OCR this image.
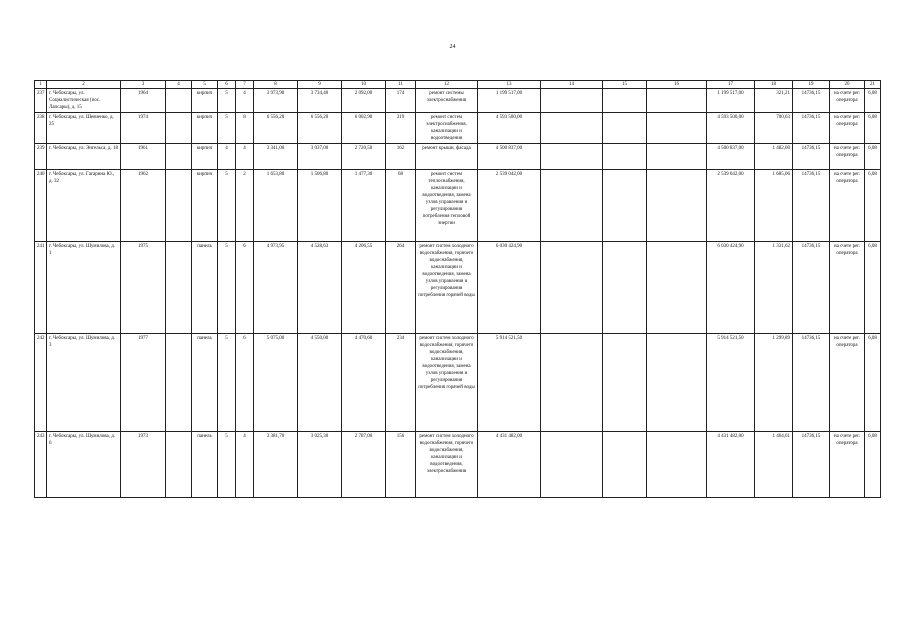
24
1	2	3	4	5	6	7	8	9	10	11	12	13	14	15	16	17	18	19	20	21
237	г. Чебоксары, ул. Социалистическая (пос. Лапсары), д. 15	1964		кирпич	5	4	3 973,90	3 734,40	2 092,00	174	ремонт системы электроснабжения	1 199 517,00				1 199 517,00	321,21	14736,15	на счете рег. оператора	6,08
238	г. Чебоксары, ул. Шевченко, д. 25	1974		кирпич	5	8	6 556,20	6 556,20	6 002,90	319	ремонт систем электроснабжения, канализации и водоотведения	4 593 500,00				4 593 500,00	700,63	14736,15	на счете рег. оператора	6,08
239	г. Чебоксары, ул. Энгельса, д. 18	1961		кирпич	4	4	3 341,00	3 037,00	2 720,50	162	ремонт крыши, фасада	4 500 837,00				4 500 837,00	1 482,00	14736,15	на счете рег. оператора	6,08
240	г. Чебоксары, ул. Гагарина Ю., д. 32	1962		кирпич	5	2	1 653,80	1 506,80	1 477,30	68	ремонт систем теплоснабжения, канализации и водоотведения, замена узлов управления и регулирования потребления тепловой энергии	2 539 042,00				2 539 042,00	1 685,06	14736,15	на счете рег. оператора	6,08
241	г. Чебоксары, ул. Шумилова, д. 1	1975		панель	5	6	4 973,95	4 528,63	4 206,55	264	ремонт систем холодного водоснабжения, горячего водоснабжения, канализации и водоотведения, замена узлов управления и регулирования потребления горячей воды	6 030 424,90				6 030 424,90	1 331,62	14736,15	на счете рег. оператора	6,08
242	г. Чебоксары, ул. Шумилова, д. 3	1977		панель	5	6	5 075,00	4 550,00	4 470,60	234	ремонт систем холодного водоснабжения, горячего водоснабжения, канализации и водоотведения, замена узлов управления и регулирования потребления горячей воды	5 914 521,50				5 914 521,50	1 299,89	14736,15	на счете рег. оператора	6,08
243	г. Чебоксары, ул. Шумилова, д. 6	1973		панель	5	4	3 381,70	3 025,30	2 787,00	156	ремонт систем холодного водоснабжения, горячего водоснабжения, канализации и водоотведения, электроснабжения	4 431 482,00				4 431 482,00	1 464,61	14736,15	на счете рег. оператора	6,08
